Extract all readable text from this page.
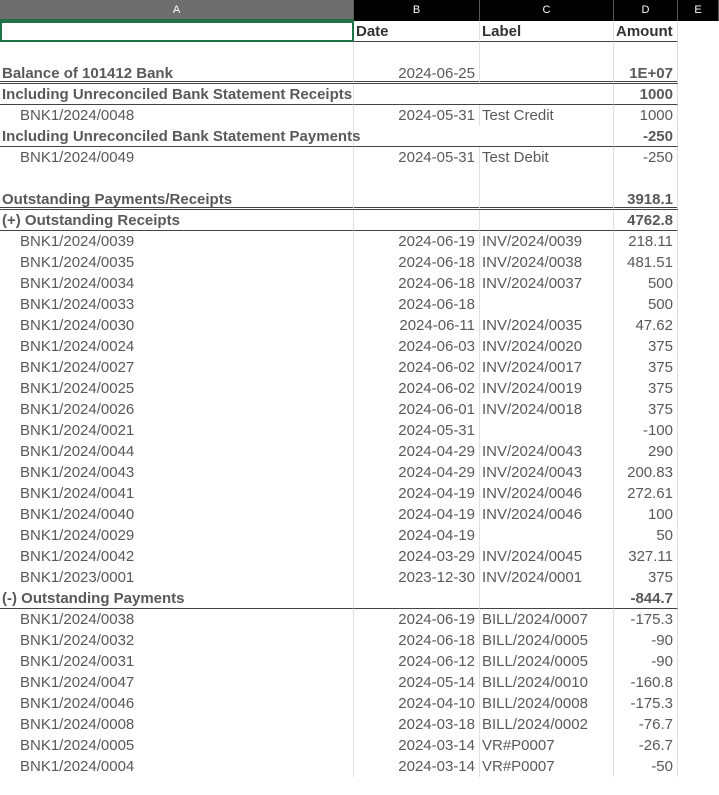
A	B	C	D	E
Date	Label	Amount
Balance of 101412 Bank	2024-06-25	1E+07
Including Unreconciled Bank Statement Receipts	1000
BNK1/2024/0048	2024-05-31 Test Credit	1000
Including Unreconciled Bank Statement Payments	-250
BNK1/2024/0049	2024-05-31 Test Debit	-250
Outstanding Payments/Receipts	3918.1
(+) Outstanding Receipts	4762.8
BNK1/2024/0039	2024-06-19 INV/2024/0039	218.11
BNK1/2024/0035	2024-06-18 INV/2024/0038	481.51
BNK1/2024/0034	2024-06-18 INV/2024/0037	500
BNK1/2024/0033	2024-06-18	500
BNK1/2024/0030	2024-06-11 INV/2024/0035	47.62
BNK1/2024/0024	2024-06-03 INV/2024/0020	375
BNK1/2024/0027	2024-06-02 INV/2024/0017	375
BNK1/2024/0025	2024-06-02 INV/2024/0019	375
BNK1/2024/0026	2024-06-01 INV/2024/0018	375
BNK1/2024/0021	2024-05-31	-100
BNK1/2024/0044	2024-04-29 INV/2024/0043	290
BNK1/2024/0043	2024-04-29 INV/2024/0043	200.83
BNK1/2024/0041	2024-04-19 INV/2024/0046	272.61
BNK1/2024/0040	2024-04-19 INV/2024/0046	100
BNK1/2024/0029	2024-04-19	50
BNK1/2024/0042	2024-03-29 INV/2024/0045	327.11
BNK1/2023/0001	2023-12-30 INV/2024/0001	375
(-) Outstanding Payments	-844.7
BNK1/2024/0038	2024-06-19 BILL/2024/0007	-175.3
BNK1/2024/0032	2024-06-18 BILL/2024/0005	-90
BNK1/2024/0031	2024-06-12 BILL/2024/0005	-90
BNK1/2024/0047	2024-05-14 BILL/2024/0010	-160.8
BNK1/2024/0046	2024-04-10 BILL/2024/0008	-175.3
BNK1/2024/0008	2024-03-18 BILL/2024/0002	-76.7
BNK1/2024/0005	2024-03-14 VR#P0007	-26.7
BNK1/2024/0004	2024-03-14 VR#P0007	-50
